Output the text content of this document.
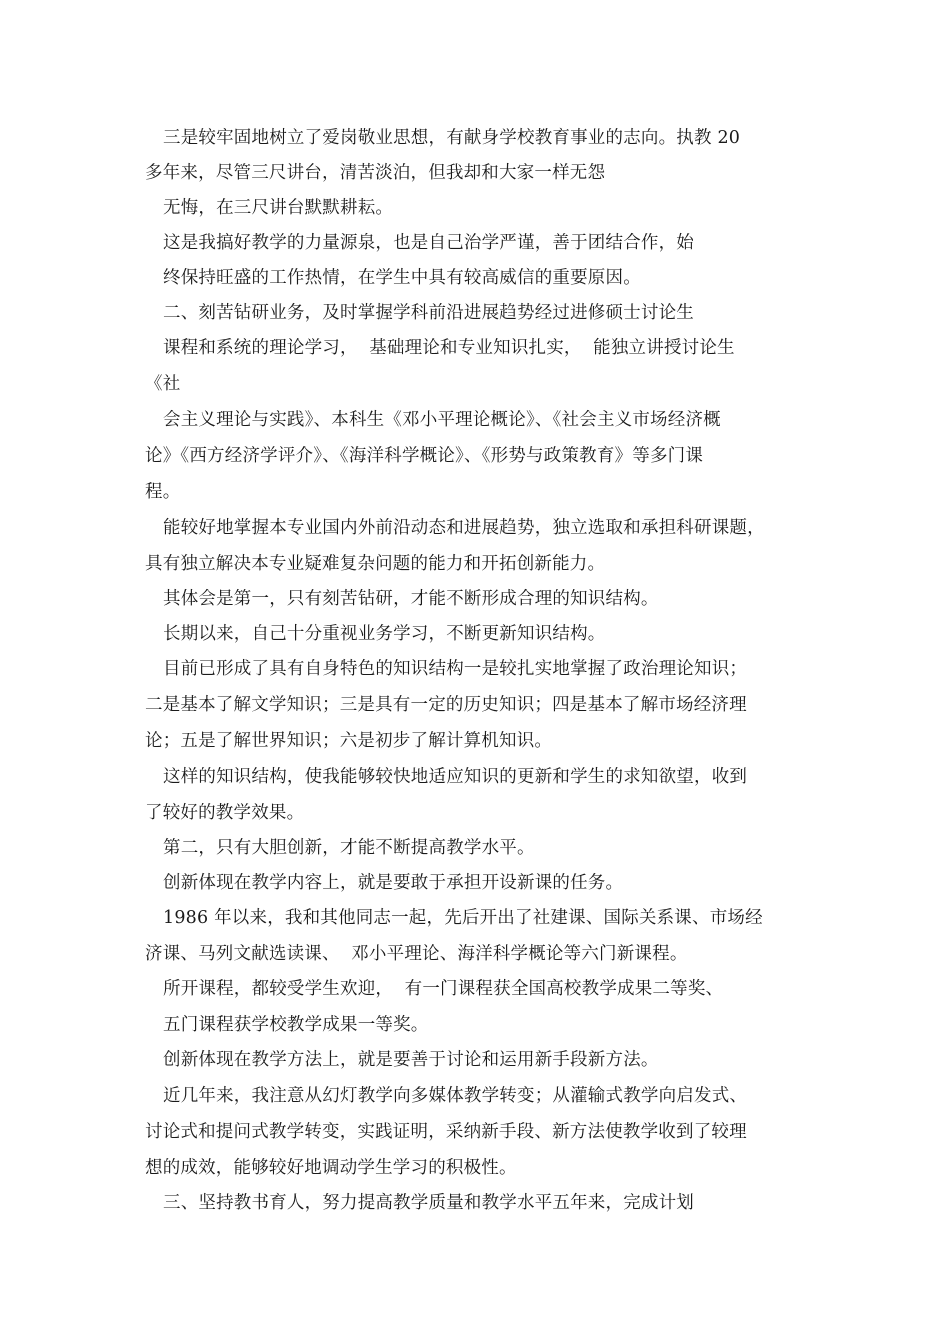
三是较牢固地树立了爱岗敬业思想，有献身学校教育事业的志向。执教 20
多年来，尽管三尺讲台，清苦淡泊，但我却和大家一样无怨
无悔，在三尺讲台默默耕耘。
这是我搞好教学的力量源泉，也是自己治学严谨，善于团结合作，始
终保持旺盛的工作热情，在学生中具有较高威信的重要原因。
二、刻苦钻研业务，及时掌握学科前沿进展趋势经过进修硕士讨论生
课程和系统的理论学习，  基础理论和专业知识扎实，  能独立讲授讨论生
《社
会主义理论与实践》、本科生《邓小平理论概论》、《社会主义市场经济概
论》《西方经济学评介》、《海洋科学概论》、《形势与政策教育》等多门课
程。
能较好地掌握本专业国内外前沿动态和进展趋势，独立选取和承担科研课题，
具有独立解决本专业疑难复杂问题的能力和开拓创新能力。
其体会是第一，只有刻苦钻研，才能不断形成合理的知识结构。
长期以来，自己十分重视业务学习，不断更新知识结构。
目前已形成了具有自身特色的知识结构一是较扎实地掌握了政治理论知识；
二是基本了解文学知识；三是具有一定的历史知识；四是基本了解市场经济理
论；五是了解世界知识；六是初步了解计算机知识。
这样的知识结构，使我能够较快地适应知识的更新和学生的求知欲望，收到
了较好的教学效果。
第二，只有大胆创新，才能不断提高教学水平。
创新体现在教学内容上，就是要敢于承担开设新课的任务。
1986 年以来，我和其他同志一起，先后开出了社建课、国际关系课、市场经
济课、马列文献选读课、  邓小平理论、海洋科学概论等六门新课程。
所开课程，都较受学生欢迎，  有一门课程获全国高校教学成果二等奖、
五门课程获学校教学成果一等奖。
创新体现在教学方法上，就是要善于讨论和运用新手段新方法。
近几年来，我注意从幻灯教学向多媒体教学转变；从灌输式教学向启发式、
讨论式和提问式教学转变，实践证明，采纳新手段、新方法使教学收到了较理
想的成效，能够较好地调动学生学习的积极性。
三、坚持教书育人，努力提高教学质量和教学水平五年来，完成计划
